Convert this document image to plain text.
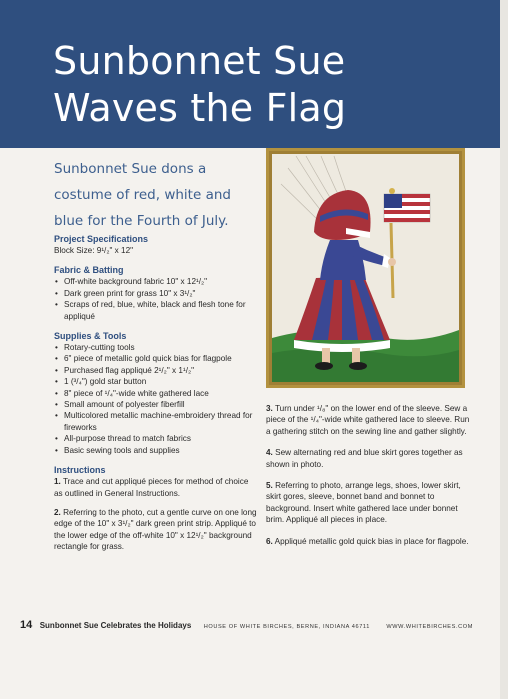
Sunbonnet Sue
Waves the Flag
Sunbonnet Sue dons a
costume of red, white and
blue for the Fourth of July.
Project Specifications
Block Size: 9¹/₂" x 12"
Fabric & Batting
• Off-white background fabric 10" x 12¹/₂"
• Dark green print for grass 10" x 3¹/₂"
• Scraps of red, blue, white, black and flesh tone for appliqué
Supplies & Tools
• Rotary-cutting tools
• 6" piece of metallic gold quick bias for flagpole
• Purchased flag appliqué 2¹/₂" x 1¹/₂"
• 1 (³/₄") gold star button
• 8" piece of ¹/₄"-wide white gathered lace
• Small amount of polyester fiberfill
• Multicolored metallic machine-embroidery thread for fireworks
• All-purpose thread to match fabrics
• Basic sewing tools and supplies
Instructions
1. Trace and cut appliqué pieces for method of choice as outlined in General Instructions.
2. Referring to the photo, cut a gentle curve on one long edge of the 10" x 3¹/₂" dark green print strip. Appliqué to the lower edge of the off-white 10" x 12¹/₂" background rectangle for grass.
3. Turn under ¹/₈" on the lower end of the sleeve. Sew a piece of the ¹/₄"-wide white gathered lace to sleeve. Run a gathering stitch on the sewing line and gather slightly.
4. Sew alternating red and blue skirt gores together as shown in photo.
5. Referring to photo, arrange legs, shoes, lower skirt, skirt gores, sleeve, bonnet band and bonnet to background. Insert white gathered lace under bonnet brim. Appliqué all pieces in place.
6. Appliqué metallic gold quick bias in place for flagpole.
14 Sunbonnet Sue Celebrates the Holidays HOUSE OF WHITE BIRCHES, BERNE, INDIANA 46711	WWW.WHITEBIRCHES.COM
